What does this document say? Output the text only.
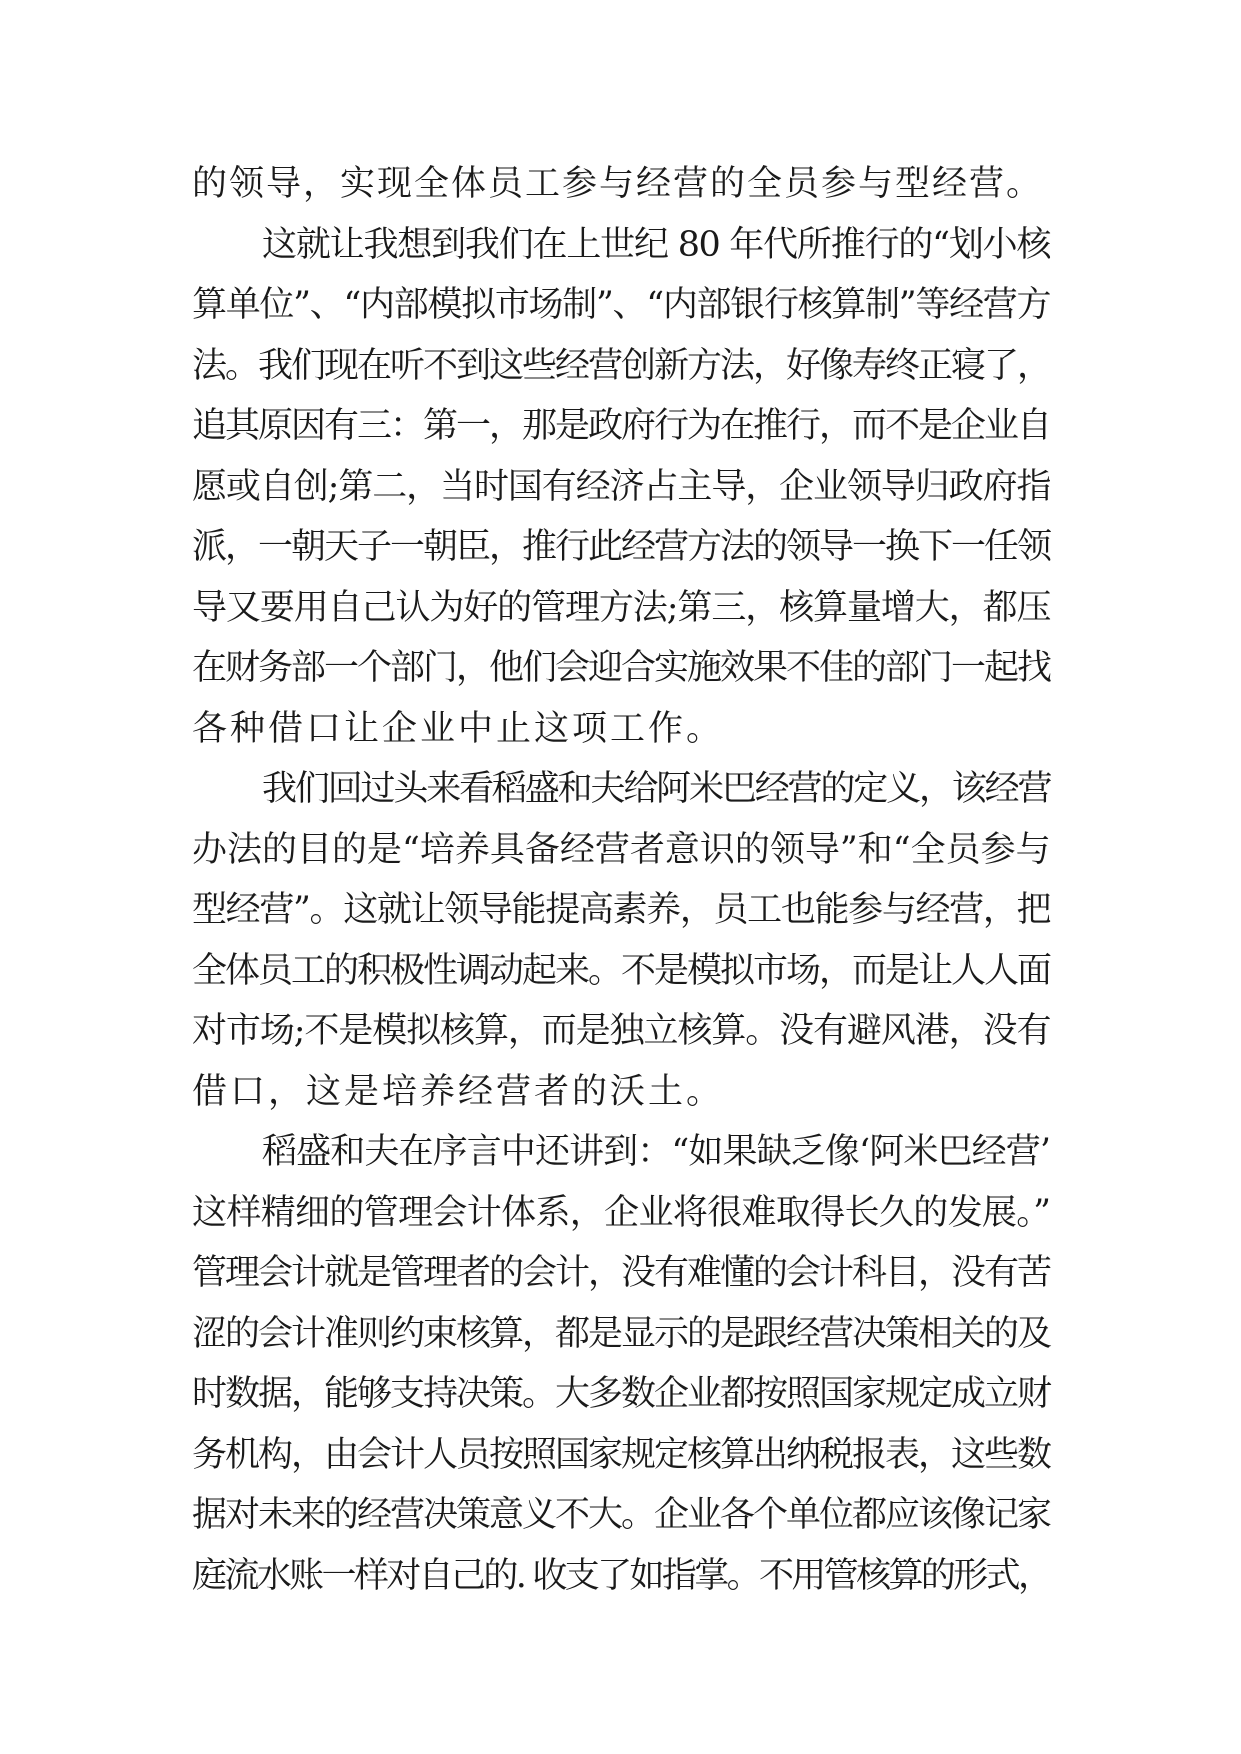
的领导，实现全体员工参与经营的全员参与型经营。
这就让我想到我们在上世纪 80 年代所推行的“划小核
算单位”、“内部模拟市场制”、“内部银行核算制”等经营方
法。我们现在听不到这些经营创新方法，好像寿终正寝了，
追其原因有三：第一，那是政府行为在推行，而不是企业自
愿或自创;第二，当时国有经济占主导，企业领导归政府指
派，一朝天子一朝臣，推行此经营方法的领导一换下一任领
导又要用自己认为好的管理方法;第三，核算量增大，都压
在财务部一个部门，他们会迎合实施效果不佳的部门一起找
各种借口让企业中止这项工作。
我们回过头来看稻盛和夫给阿米巴经营的定义，该经营
办法的目的是“培养具备经营者意识的领导”和“全员参与
型经营”。这就让领导能提高素养，员工也能参与经营，把
全体员工的积极性调动起来。不是模拟市场，而是让人人面
对市场;不是模拟核算，而是独立核算。没有避风港，没有
借口，这是培养经营者的沃土。
稻盛和夫在序言中还讲到：“如果缺乏像‘阿米巴经营’
这样精细的管理会计体系，企业将很难取得长久的发展。”
管理会计就是管理者的会计，没有难懂的会计科目，没有苦
涩的会计准则约束核算，都是显示的是跟经营决策相关的及
时数据，能够支持决策。大多数企业都按照国家规定成立财
务机构，由会计人员按照国家规定核算出纳税报表，这些数
据对未来的经营决策意义不大。企业各个单位都应该像记家
庭流水账一样对自己的. 收支了如指掌。不用管核算的形式，
